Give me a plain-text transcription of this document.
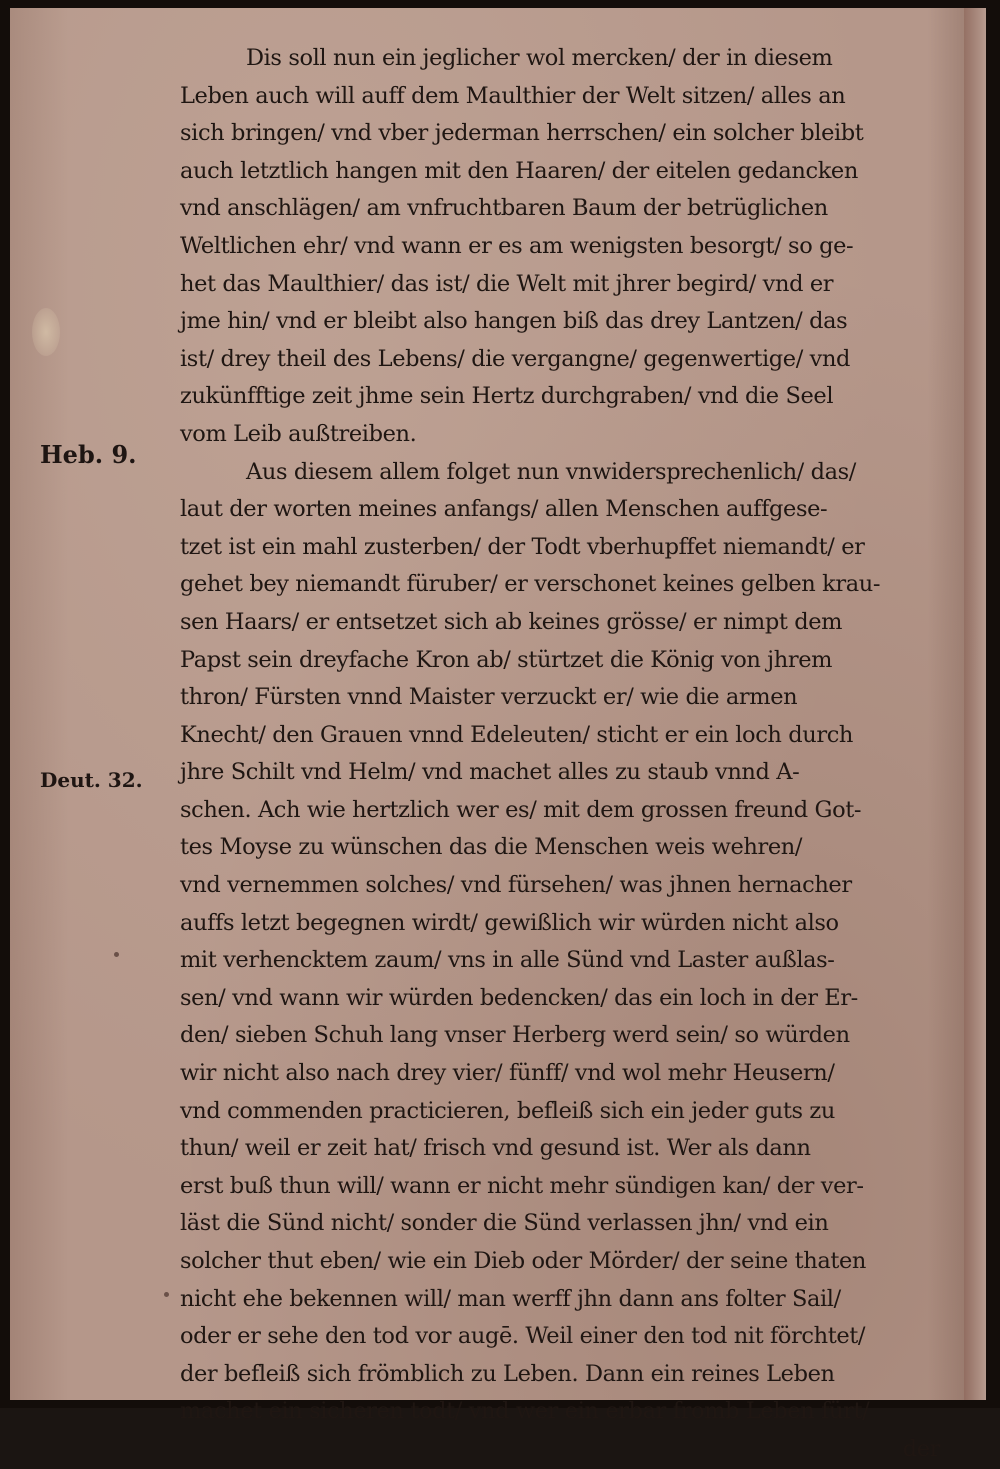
Heb. 9.
Deut. 32.
Dis soll nun ein jeglicher wol mercken/ der in diesem
Leben auch will auff dem Maulthier der Welt sitzen/ alles an
sich bringen/ vnd vber jederman herrschen/ ein solcher bleibt
auch letztlich hangen mit den Haaren/ der eitelen gedancken
vnd anschlägen/ am vnfruchtbaren Baum der betrüglichen
Weltlichen ehr/ vnd wann er es am wenigsten besorgt/ so ge-
het das Maulthier/ das ist/ die Welt mit jhrer begird/ vnd er
jme hin/ vnd er bleibt also hangen biß das drey Lantzen/ das
ist/ drey theil des Lebens/ die vergangne/ gegenwertige/ vnd
zukünfftige zeit jhme sein Hertz durchgraben/ vnd die Seel
vom Leib außtreiben.
Aus diesem allem folget nun vnwidersprechenlich/ das/
laut der worten meines anfangs/ allen Menschen auffgese-
tzet ist ein mahl zusterben/ der Todt vberhupffet niemandt/ er
gehet bey niemandt füruber/ er verschonet keines gelben krau-
sen Haars/ er entsetzet sich ab keines grösse/ er nimpt dem
Papst sein dreyfache Kron ab/ stürtzet die König von jhrem
thron/ Fürsten vnnd Maister verzuckt er/ wie die armen
Knecht/ den Grauen vnnd Edeleuten/ sticht er ein loch durch
jhre Schilt vnd Helm/ vnd machet alles zu staub vnnd A-
schen. Ach wie hertzlich wer es/ mit dem grossen freund Got-
tes Moyse zu wünschen das die Menschen weis wehren/
vnd vernemmen solches/ vnd fürsehen/ was jhnen hernacher
auffs letzt begegnen wirdt/ gewißlich wir würden nicht also
mit verhencktem zaum/ vns in alle Sünd vnd Laster außlas-
sen/ vnd wann wir würden bedencken/ das ein loch in der Er-
den/ sieben Schuh lang vnser Herberg werd sein/ so würden
wir nicht also nach drey vier/ fünff/ vnd wol mehr Heusern/
vnd commenden practicieren, befleiß sich ein jeder guts zu
thun/ weil er zeit hat/ frisch vnd gesund ist. Wer als dann
erst buß thun will/ wann er nicht mehr sündigen kan/ der ver-
läst die Sünd nicht/ sonder die Sünd verlassen jhn/ vnd ein
solcher thut eben/ wie ein Dieb oder Mörder/ der seine thaten
nicht ehe bekennen will/ man werff jhn dann ans folter Sail/
oder er sehe den tod vor augē. Weil einer den tod nit förchtet/
der befleiß sich frömblich zu Leben. Dann ein reines Leben
machet ein sicheren todt/ vnd wer ein erbar fromb Leben fürt/
der
